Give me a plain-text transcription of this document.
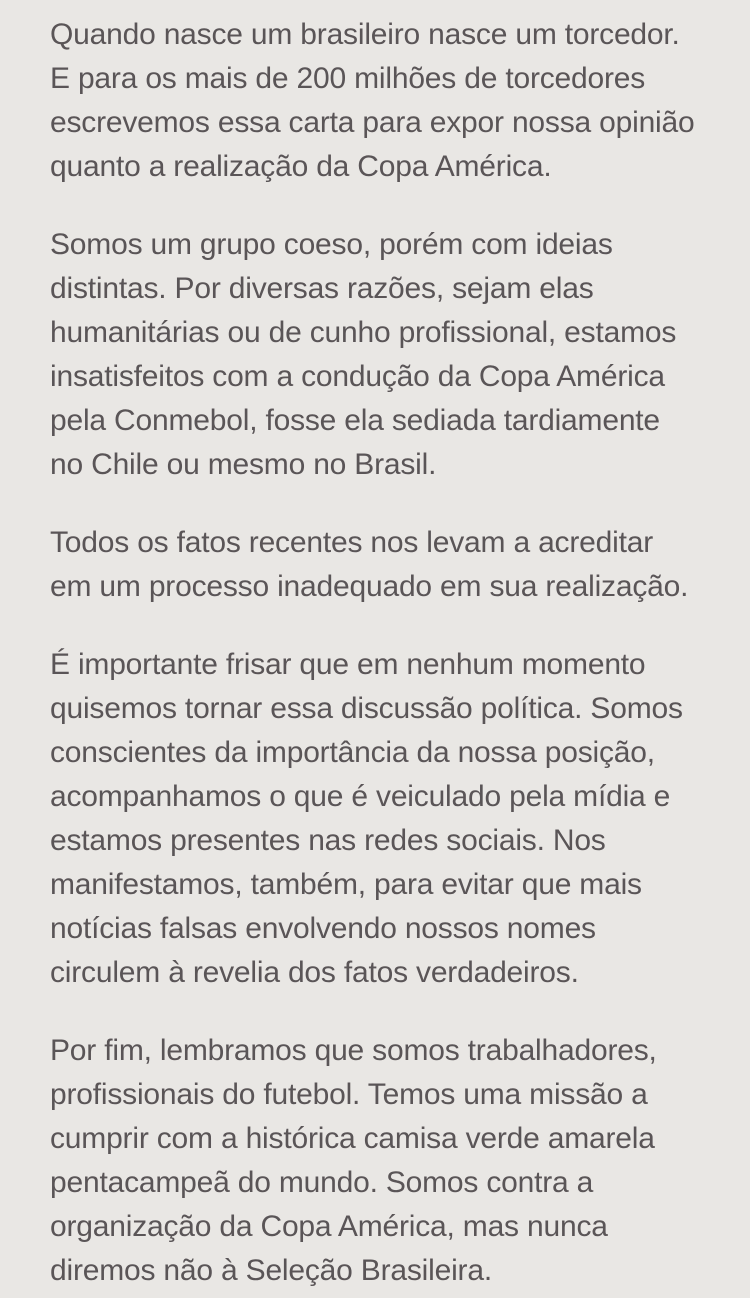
Quando nasce um brasileiro nasce um torcedor.
E para os mais de 200 milhões de torcedores
escrevemos essa carta para expor nossa opinião
quanto a realização da Copa América.
Somos um grupo coeso, porém com ideias
distintas. Por diversas razões, sejam elas
humanitárias ou de cunho profissional, estamos
insatisfeitos com a condução da Copa América
pela Conmebol, fosse ela sediada tardiamente
no Chile ou mesmo no Brasil.
Todos os fatos recentes nos levam a acreditar
em um processo inadequado em sua realização.
É importante frisar que em nenhum momento
quisemos tornar essa discussão política. Somos
conscientes da importância da nossa posição,
acompanhamos o que é veiculado pela mídia e
estamos presentes nas redes sociais. Nos
manifestamos, também, para evitar que mais
notícias falsas envolvendo nossos nomes
circulem à revelia dos fatos verdadeiros.
Por fim, lembramos que somos trabalhadores,
profissionais do futebol. Temos uma missão a
cumprir com a histórica camisa verde amarela
pentacampeã do mundo. Somos contra a
organização da Copa América, mas nunca
diremos não à Seleção Brasileira.
